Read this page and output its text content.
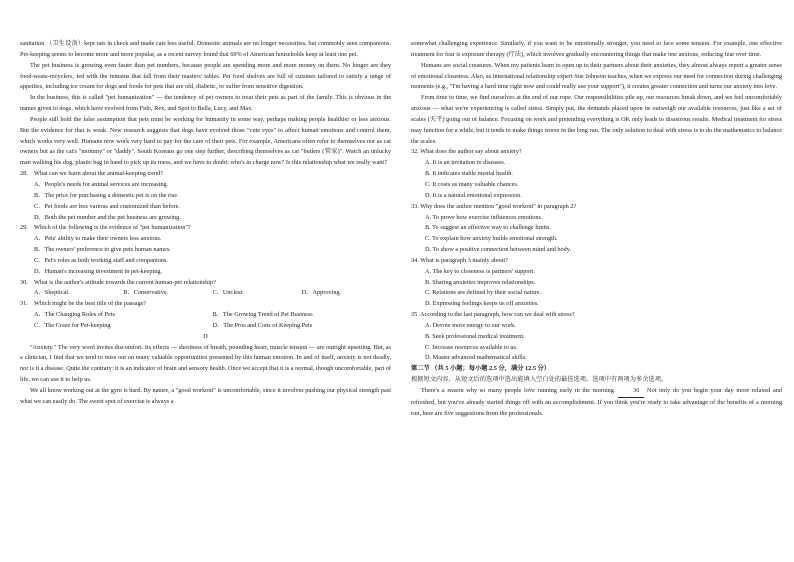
sanitation （卫生设备）kept rats in check and made cats less useful. Domestic animals are no longer necessities, but commonly seen companions. Pet-keeping seems to become more and more popular, as a recent survey found that 69% of American households keep at least one pet.

The pet business is growing even faster than pet numbers, because people are spending more and more money on them. No longer are they food-waste-recyclers, fed with the remains that fall from their masters' tables. Pet food shelves are full of cuisines tailored to satisfy a range of appetites, including ice cream for dogs and foods for pets that are old, diabetic, or suffer from sensitive digestion.

In the business, this is called "pet humanization" — the tendency of pet owners to treat their pets as part of the family. This is obvious in the names given to dogs, which have evolved from Fido, Rex, and Spot to Bella, Lucy, and Max.

People still hold the false assumption that pets must be working for humanity in some way, perhaps making people healthier or less anxious. But the evidence for that is weak. New research suggests that dogs have evolved those "cute eyes" to affect human emotions and control them, which works very well. Humans now work very hard to pay for the care of their pets. For example, Americans often refer to themselves not as cat owners but as the cat's "mommy" or "daddy". South Koreans go one step further, describing themselves as cat "butlers (管家)". Watch an unlucky man walking his dog, plastic bag in hand to pick up its mess, and we have to doubt: who's in charge now? Is this relationship what we really want?

28.　What can we learn about the animal-keeping trend?

A．People's needs for animal services are increasing.

B．The price for purchasing a domestic pet is on the rise.

C．Pet foods are less various and customized than before.

D．Both the pet number and the pet business are growing.

29.　Which of the following is the evidence of "pet humanization"?

A．Pets' ability to make their owners less anxious.

B．The owners' preference to give pets human names.

C．Pet's roles as both working staff and companions.

D．Human's increasing investment in pet-keeping.

30.　What is the author's attitude towards the current human-pet relationship?

A．Skeptical.	B．Conservative.	C．Unclear.	D．Approving.

31.　Which might be the best title of the passage?

A．The Changing Roles of Pets	B．The Growing Trend of Pet Business
C．The Craze for Pet-keeping	D．The Pros and Cons of Keeping Pets

D

"Anxiety." The very word invites discomfort. Its effects — shortness of breath, pounding heart, muscle tension — are outright upsetting. But, as a clinician, I find that we tend to miss out on many valuable opportunities presented by this human emotion. In and of itself, anxiety is not deadly, nor is it a disease. Quite the contrary: it is an indicator of brain and sensory health. Once we accept that it is a normal, though uncomfortable, part of life, we can use it to help us.

We all know working out at the gym is hard. By nature, a "good workout" is uncomfortable, since it involves pushing our physical strength past what we can easily do. The sweet spot of exercise is always a

somewhat challenging experience. Similarly, if you want to be emotionally stronger, you need to face some tension. For example, one effective treatment for fear is exposure therapy (疗法), which involves gradually encountering things that make one anxious, reducing fear over time.

Humans are social creatures. When my patients learn to open up to their partners about their anxieties, they almost always report a greater sense of emotional closeness. Also, as international relationship expert Sue Johnson teaches, when we express our need for connection during challenging moments (e.g., "I'm having a hard time right now and could really use your support"), it creates greater connection and turns our anxiety into love.

From time to time, we find ourselves at the end of our rope. Our responsibilities pile up, our resources break down, and we feel uncomfortably anxious — what we're experiencing is called stress. Simply put, the demands placed upon us outweigh our available resources, just like a set of scales (天平) going out of balance. Focusing on work and pretending everything is OK only leads to disastrous results. Medical treatment for stress may function for a while, but it tends to make things worse in the long run. The only solution to deal with stress is to do the mathematics to balance the scales.

32. What does the author say about anxiety?

A. It is an invitation to diseases.

B. It indicates stable mental health.

C. It costs us many valuable chances.

D. It is a natural emotional expression.

33. Why does the author mention "good workout" in paragraph 2?

A. To prove how exercise influences emotions.

B. To suggest an effective way to challenge limits.

C. To explain how anxiety builds emotional strength.

D. To show a positive connection between mind and body.

34. What is paragraph 3 mainly about?

A. The key to closeness is partners' support.

B. Sharing anxieties improves relationships.

C. Relations are defined by their social nature.

D. Expressing feelings keeps us off anxieties.

35. According to the last paragraph, how can we deal with stress?

A. Devote more energy to our work.

B. Seek professional medical treatment.

C. Increase resources available to us.

D. Master advanced mathematical skills.

第二节 （共 5 小题；每小题 2.5 分，满分 12.5 分）

根据短文内容，从短文后的选项中选出能填入空白处的最佳选项。选项中有两项为多余选项。

There's a reason why so many people love running early in the morning.	36 Not only do you begin your day more relaxed and refreshed, but you've already started things off with an accomplishment. If you think you're ready to take advantage of the benefits of a morning run, here are five suggestions from the professionals.
